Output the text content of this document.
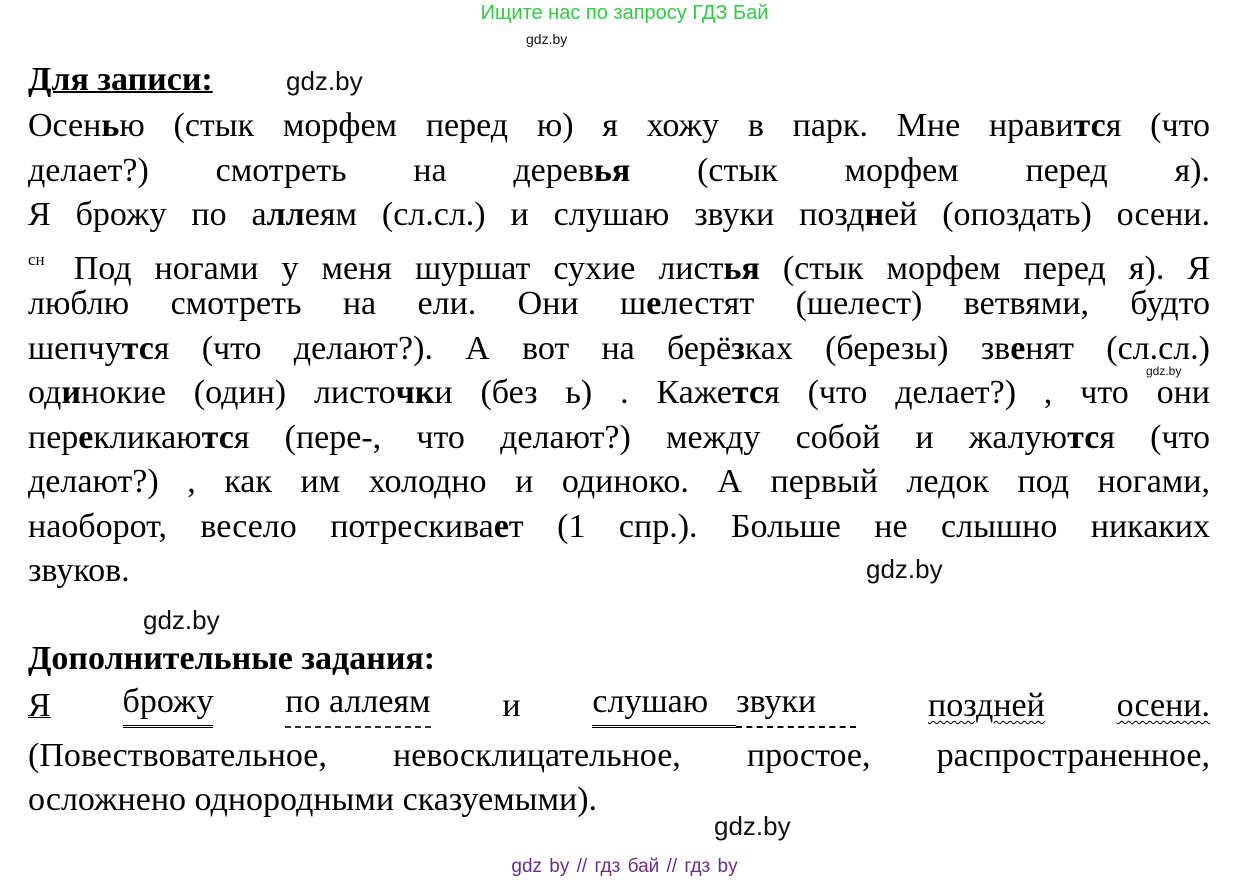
Ищите нас по запросу ГДЗ Бай
gdz.by
Для записи:	gdz.by
Осенью (стык морфем перед ю) я хожу в парк. Мне нравится (что
делает?) смотреть на деревья (стык морфем перед я).
Я брожу по аллеям (сл.сл.) и слушаю звуки поздней (опоздать) осени.
$^{сн}$ Под ногами у меня шуршат сухие листья (стык морфем перед я). Я
люблю смотреть на ели. Они шелестят (шелест) ветвями, будто
шепчутся (что делают?). А вот на берёзках (березы) звенят (сл.сл.)
одинокие (один) листочки (без ь) . Кажется (что делает?) , что они
перекликаются (пере-, что делают?) между собой и жалуются (что
делают?) , как им холодно и одиноко. А первый ледок под ногами,
наоборот, весело потрескивает (1 спр.). Больше не слышно никаких
звуков.
gdz.by
gdz.by
gdz.by
Дополнительные задания:
Я брожу по аллеям и слушаю звуки	поздней осени.
(Повествовательное, невосклицательное, простое, распространенное,
осложнено однородными сказуемыми).
gdz.by
gdz by // гдз бай // гдз by
